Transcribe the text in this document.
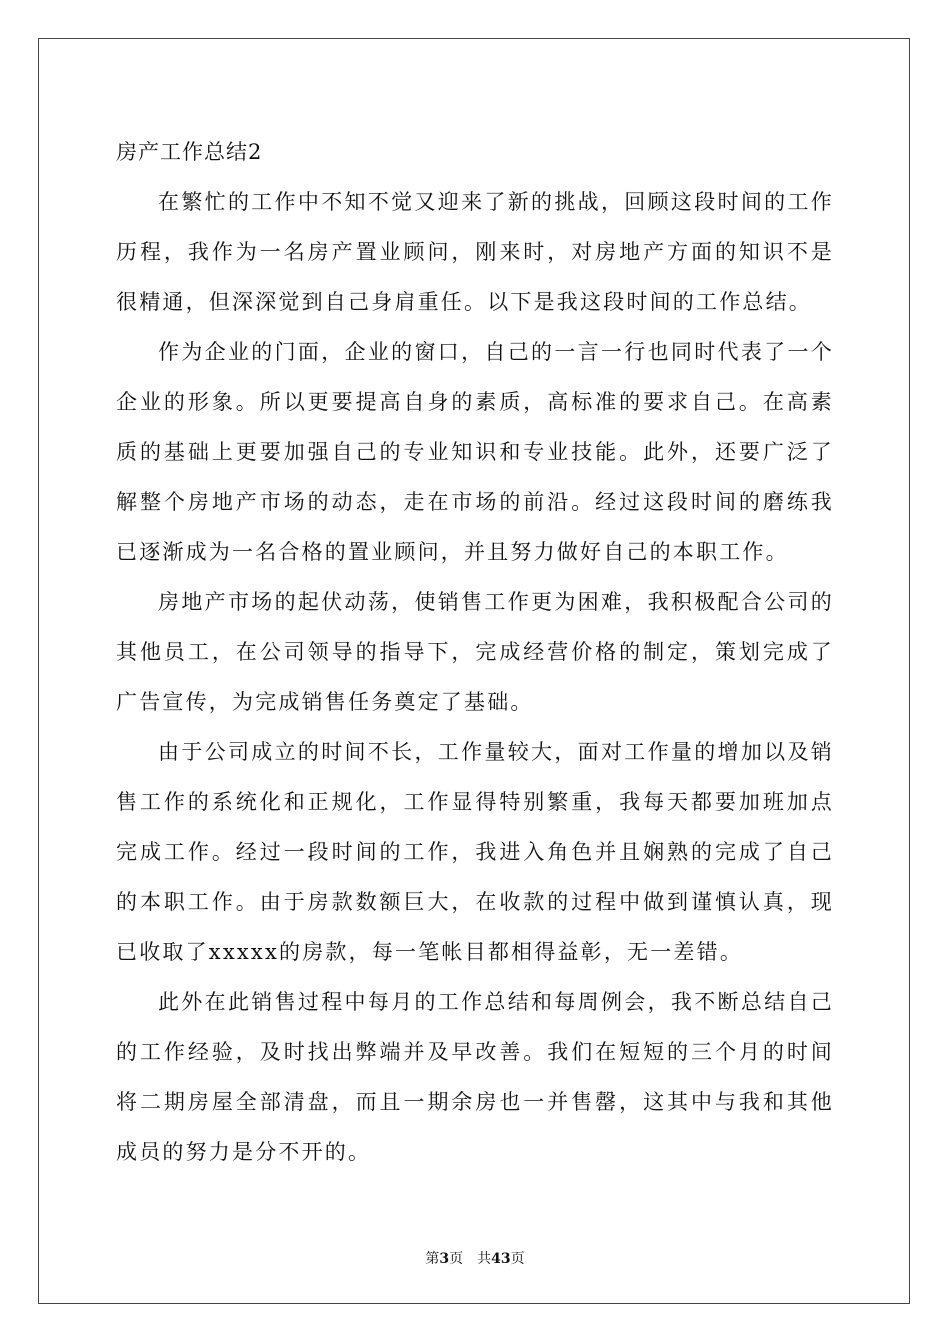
房产工作总结2

在繁忙的工作中不知不觉又迎来了新的挑战，回顾这段时间的工作历程，我作为一名房产置业顾问，刚来时，对房地产方面的知识不是很精通，但深深觉到自己身肩重任。以下是我这段时间的工作总结。

作为企业的门面，企业的窗口，自己的一言一行也同时代表了一个企业的形象。所以更要提高自身的素质，高标准的要求自己。在高素质的基础上更要加强自己的专业知识和专业技能。此外，还要广泛了解整个房地产市场的动态，走在市场的前沿。经过这段时间的磨练我已逐渐成为一名合格的置业顾问，并且努力做好自己的本职工作。

房地产市场的起伏动荡，使销售工作更为困难，我积极配合公司的其他员工，在公司领导的指导下，完成经营价格的制定，策划完成了广告宣传，为完成销售任务奠定了基础。

由于公司成立的时间不长，工作量较大，面对工作量的增加以及销售工作的系统化和正规化，工作显得特别繁重，我每天都要加班加点完成工作。经过一段时间的工作，我进入角色并且娴熟的完成了自己的本职工作。由于房款数额巨大，在收款的过程中做到谨慎认真，现已收取了xxxxx的房款，每一笔帐目都相得益彰，无一差错。

此外在此销售过程中每月的工作总结和每周例会，我不断总结自己的工作经验，及时找出弊端并及早改善。我们在短短的三个月的时间将二期房屋全部清盘，而且一期余房也一并售罄，这其中与我和其他成员的努力是分不开的。

第3页 共43页
